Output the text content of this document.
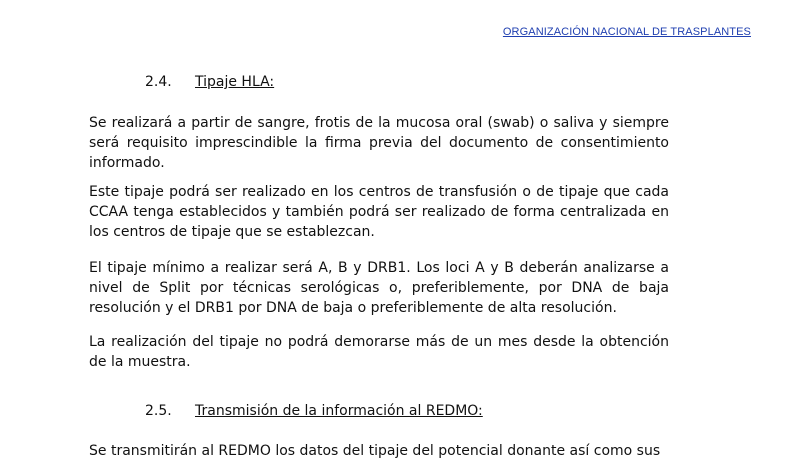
ORGANIZACIÓN NACIONAL DE TRASPLANTES
2.4. Tipaje HLA:
Se realizará a partir de sangre, frotis de la mucosa oral (swab) o saliva y siempre será requisito imprescindible la firma previa del documento de consentimiento informado.
Este tipaje podrá ser realizado en los centros de transfusión o de tipaje que cada CCAA tenga establecidos y también podrá ser realizado de forma centralizada en los centros de tipaje que se establezcan.
El tipaje mínimo a realizar será A, B y DRB1. Los loci A y B deberán analizarse a nivel de Split por técnicas serológicas o, preferiblemente, por DNA de baja resolución y el DRB1 por DNA de baja o preferiblemente de alta resolución.
La realización del tipaje no podrá demorarse más de un mes desde la obtención de la muestra.
2.5. Transmisión de la información al REDMO:
Se transmitirán al REDMO los datos del tipaje del potencial donante así como sus
